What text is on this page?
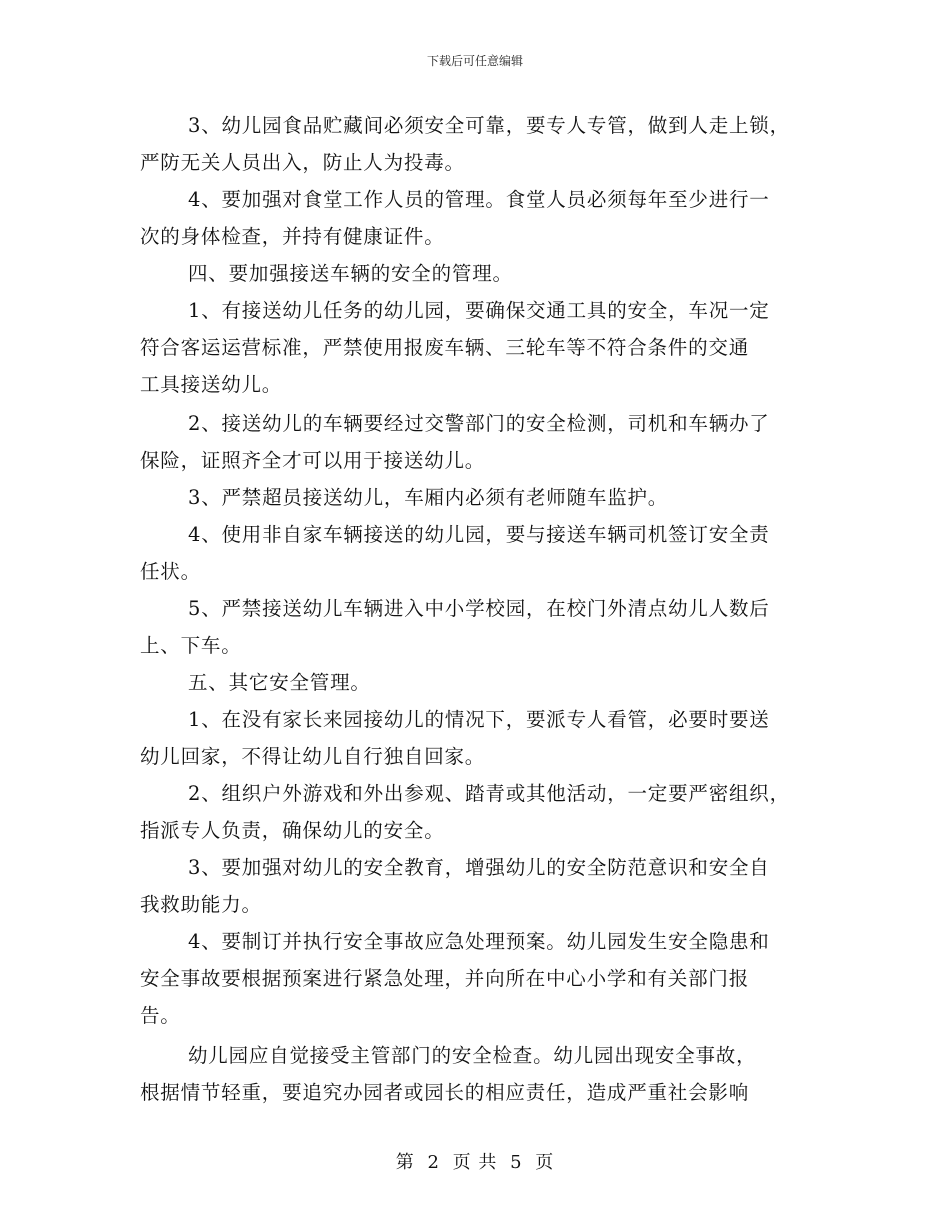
下载后可任意编辑
3、幼儿园食品贮藏间必须安全可靠，要专人专管，做到人走上锁，
严防无关人员出入，防止人为投毒。
4、要加强对食堂工作人员的管理。食堂人员必须每年至少进行一
次的身体检查，并持有健康证件。
四、要加强接送车辆的安全的管理。
1、有接送幼儿任务的幼儿园，要确保交通工具的安全，车况一定
符合客运运营标准，严禁使用报废车辆、三轮车等不符合条件的交通
工具接送幼儿。
2、接送幼儿的车辆要经过交警部门的安全检测，司机和车辆办了
保险，证照齐全才可以用于接送幼儿。
3、严禁超员接送幼儿，车厢内必须有老师随车监护。
4、使用非自家车辆接送的幼儿园，要与接送车辆司机签订安全责
任状。
5、严禁接送幼儿车辆进入中小学校园，在校门外清点幼儿人数后
上、下车。
五、其它安全管理。
1、在没有家长来园接幼儿的情况下，要派专人看管，必要时要送
幼儿回家，不得让幼儿自行独自回家。
2、组织户外游戏和外出参观、踏青或其他活动，一定要严密组织，
指派专人负责，确保幼儿的安全。
3、要加强对幼儿的安全教育，增强幼儿的安全防范意识和安全自
我救助能力。
4、要制订并执行安全事故应急处理预案。幼儿园发生安全隐患和
安全事故要根据预案进行紧急处理，并向所在中心小学和有关部门报
告。
幼儿园应自觉接受主管部门的安全检查。幼儿园出现安全事故，
根据情节轻重，要追究办园者或园长的相应责任，造成严重社会影响
第 2 页 共 5 页
